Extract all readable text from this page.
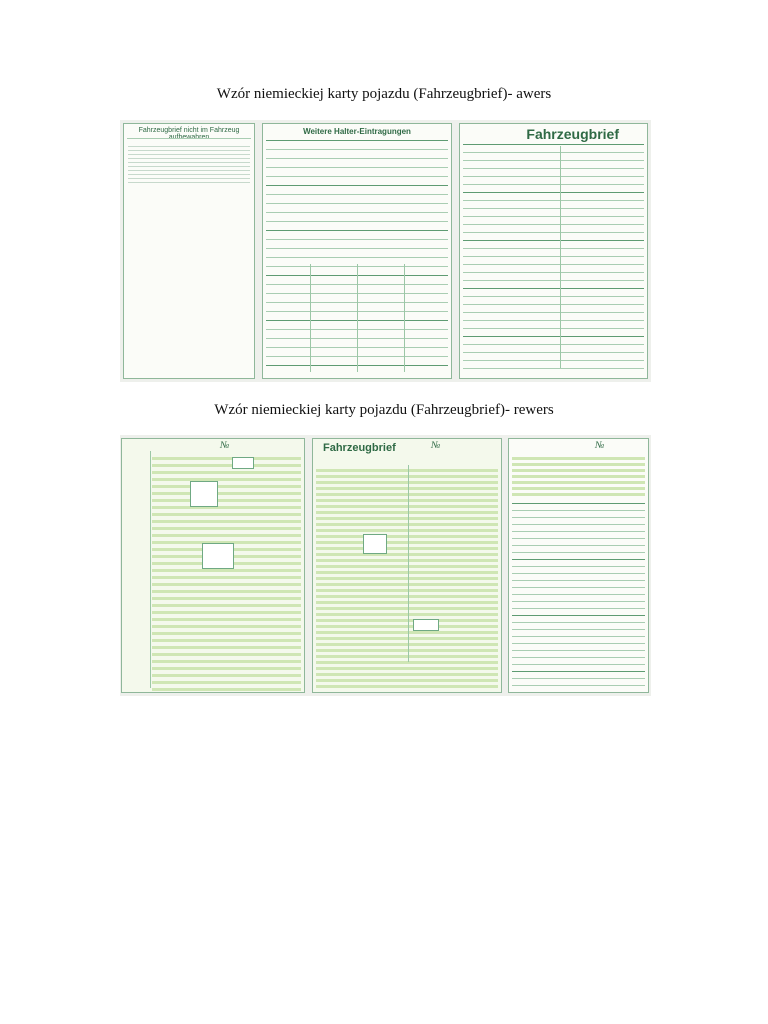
Wzór niemieckiej karty pojazdu (Fahrzeugbrief)- awers
Fahrzeugbrief nicht im Fahrzeug aufbewahren
Weitere Halter-Eintragungen	Fahrzeugbrief
Wzór niemieckiej karty pojazdu (Fahrzeugbrief)- rewers
№	Fahrzeugbrief	№	№
